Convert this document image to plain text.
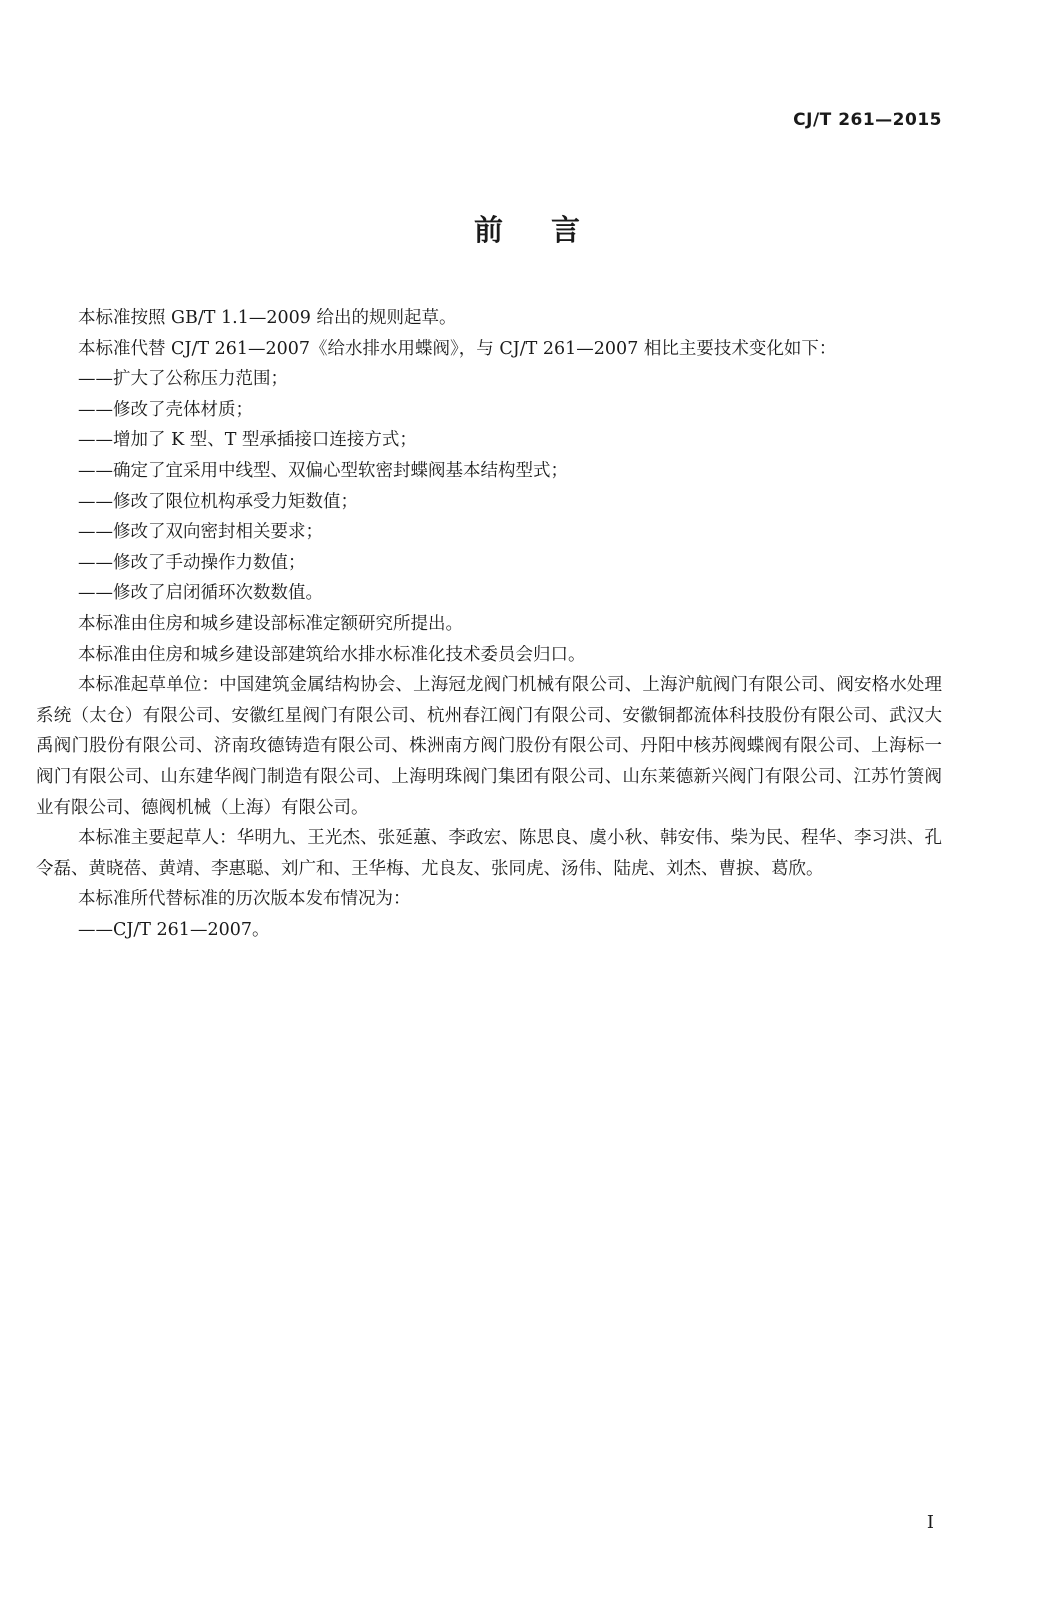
CJ/T 261—2015
前言

本标准按照 GB/T 1.1—2009 给出的规则起草。

本标准代替 CJ/T 261—2007《给水排水用蝶阀》，与 CJ/T 261—2007 相比主要技术变化如下：

——扩大了公称压力范围；

——修改了壳体材质；

——增加了 K 型、T 型承插接口连接方式；

——确定了宜采用中线型、双偏心型软密封蝶阀基本结构型式；

——修改了限位机构承受力矩数值；

——修改了双向密封相关要求；

——修改了手动操作力数值；

——修改了启闭循环次数数值。

本标准由住房和城乡建设部标准定额研究所提出。

本标准由住房和城乡建设部建筑给水排水标准化技术委员会归口。

本标准起草单位：中国建筑金属结构协会、上海冠龙阀门机械有限公司、上海沪航阀门有限公司、阀安格水处理系统（太仓）有限公司、安徽红星阀门有限公司、杭州春江阀门有限公司、安徽铜都流体科技股份有限公司、武汉大禹阀门股份有限公司、济南玫德铸造有限公司、株洲南方阀门股份有限公司、丹阳中核苏阀蝶阀有限公司、上海标一阀门有限公司、山东建华阀门制造有限公司、上海明珠阀门集团有限公司、山东莱德新兴阀门有限公司、江苏竹箦阀业有限公司、德阀机械（上海）有限公司。

本标准主要起草人：华明九、王光杰、张延蕙、李政宏、陈思良、虞小秋、韩安伟、柴为民、程华、李习洪、孔令磊、黄晓蓓、黄靖、李惠聪、刘广和、王华梅、尤良友、张同虎、汤伟、陆虎、刘杰、曹捩、葛欣。

本标准所代替标准的历次版本发布情况为：

——CJ/T 261—2007。

I
